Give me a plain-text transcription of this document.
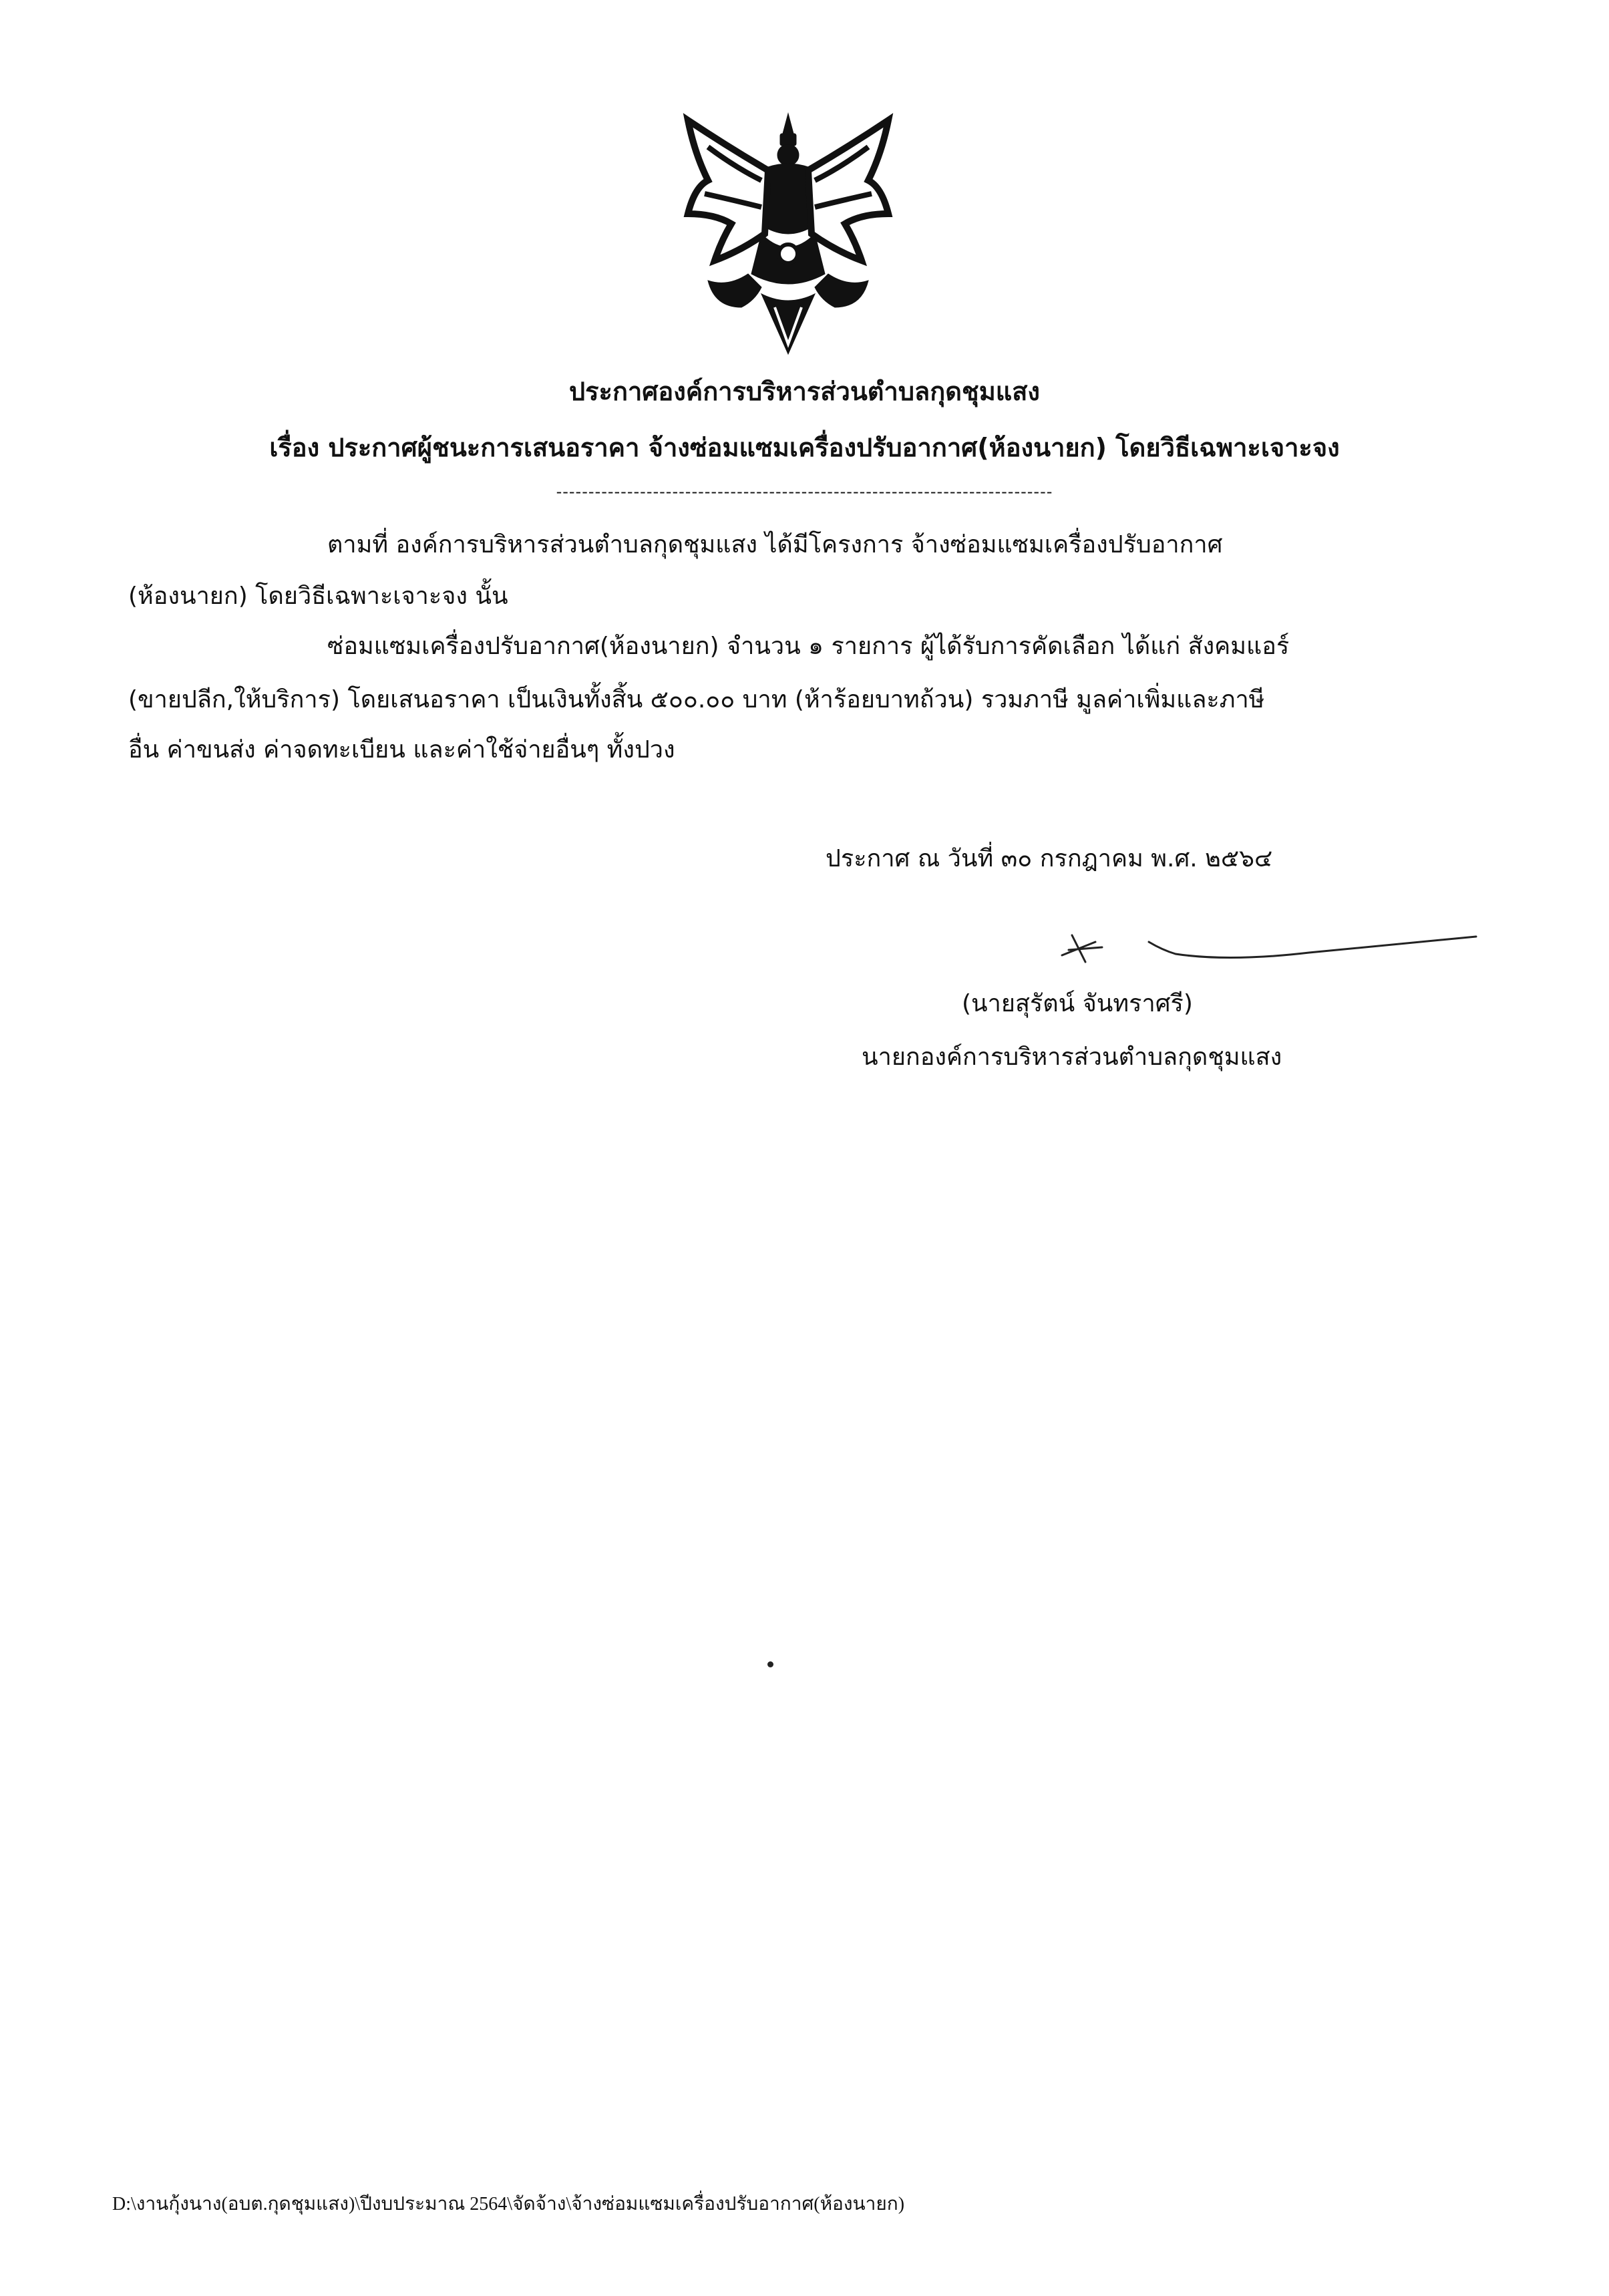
ประกาศองค์การบริหารส่วนตำบลกุดชุมแสง
เรื่อง ประกาศผู้ชนะการเสนอราคา จ้างซ่อมแซมเครื่องปรับอากาศ(ห้องนายก) โดยวิธีเฉพาะเจาะจง
-----------------------------------------------------------------------------
ตามที่ องค์การบริหารส่วนตำบลกุดชุมแสง ได้มีโครงการ จ้างซ่อมแซมเครื่องปรับอากาศ
(ห้องนายก) โดยวิธีเฉพาะเจาะจง นั้น
ซ่อมแซมเครื่องปรับอากาศ(ห้องนายก) จำนวน ๑ รายการ ผู้ได้รับการคัดเลือก ได้แก่ สังคมแอร์
(ขายปลีก,ให้บริการ) โดยเสนอราคา เป็นเงินทั้งสิ้น ๕๐๐.๐๐ บาท (ห้าร้อยบาทถ้วน) รวมภาษี มูลค่าเพิ่มและภาษี
อื่น ค่าขนส่ง ค่าจดทะเบียน และค่าใช้จ่ายอื่นๆ ทั้งปวง
ประกาศ ณ วันที่ ๓๐ กรกฎาคม พ.ศ. ๒๕๖๔
(นายสุรัตน์ จันทราศรี)
นายกองค์การบริหารส่วนตำบลกุดชุมแสง
D:\งานกุ้งนาง(อบต.กุดชุมแสง)\ปีงบประมาณ 2564\จัดจ้าง\จ้างซ่อมแซมเครื่องปรับอากาศ(ห้องนายก)
